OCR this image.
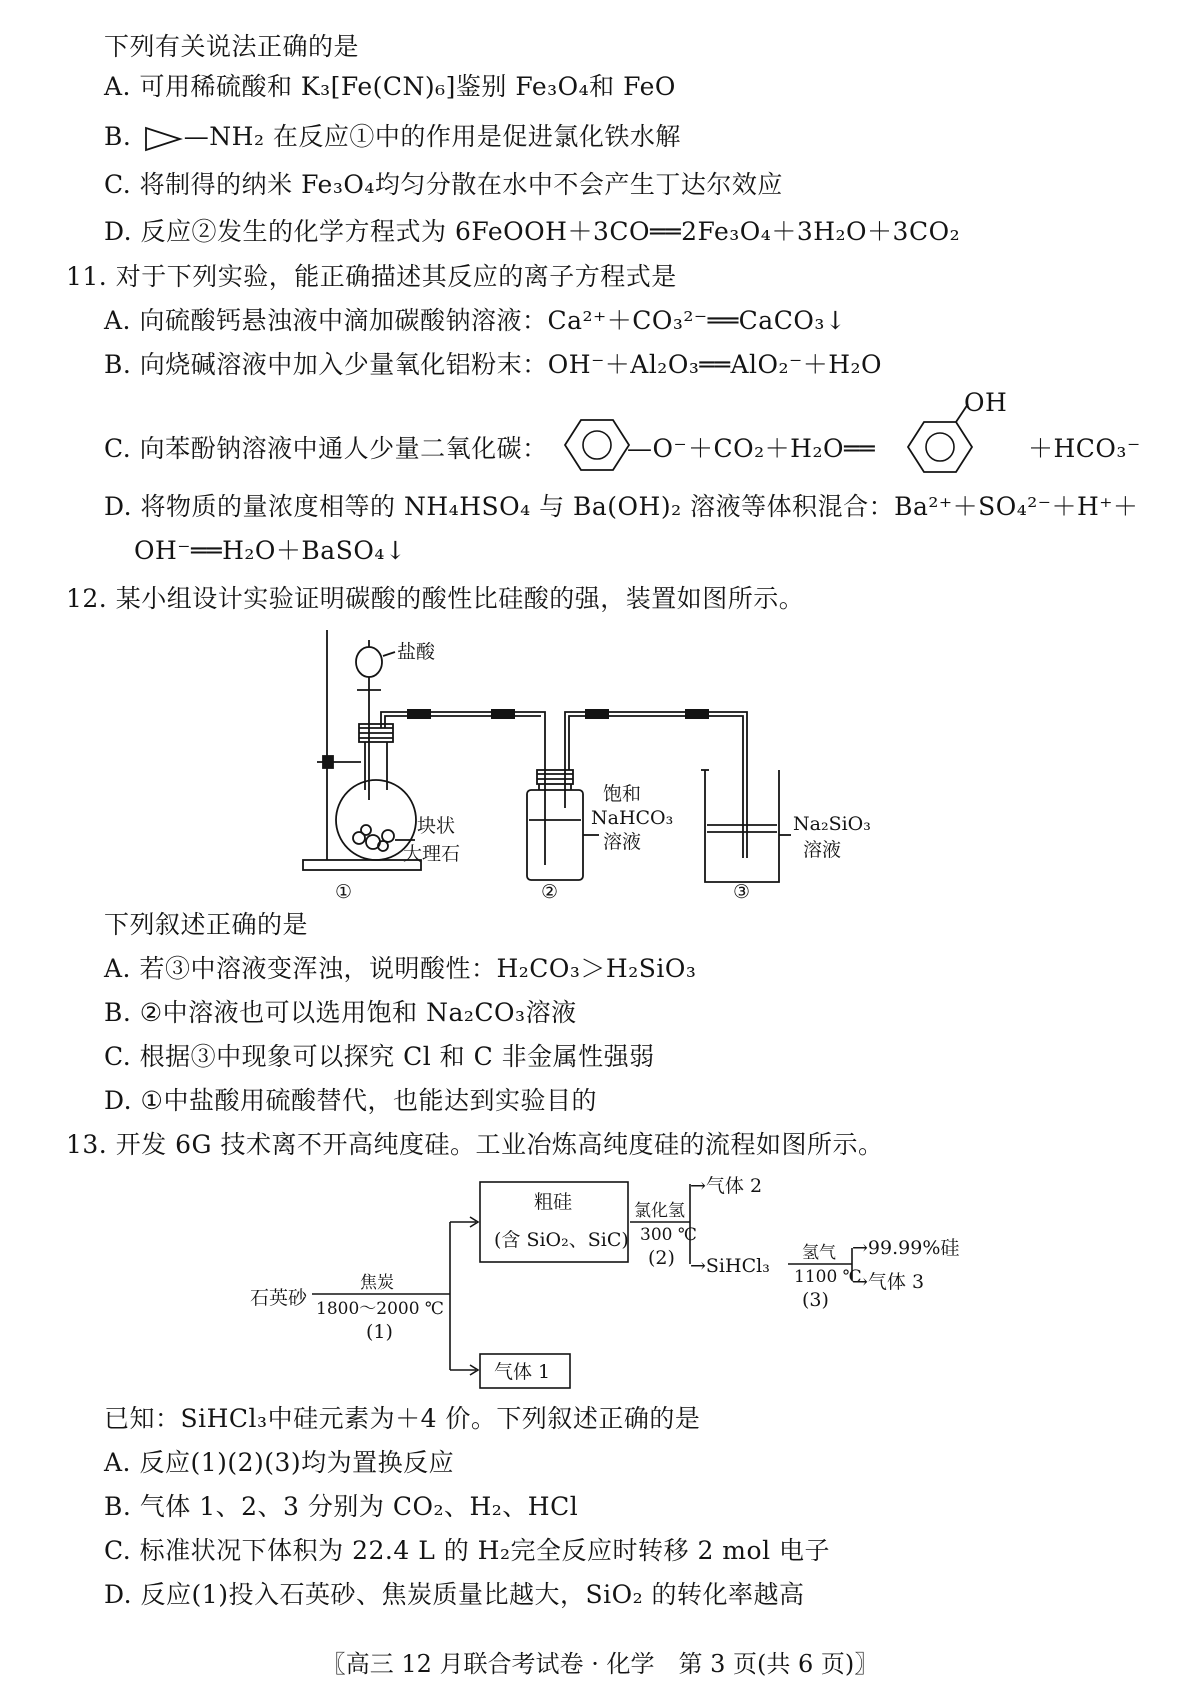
下列有关说法正确的是
A. 可用稀硫酸和 K₃[Fe(CN)₆]鉴别 Fe₃O₄和 FeO
B. —NH₂ 在反应①中的作用是促进氯化铁水解
C. 将制得的纳米 Fe₃O₄均匀分散在水中不会产生丁达尔效应
D. 反应②发生的化学方程式为 6FeOOH＋3CO══2Fe₃O₄＋3H₂O＋3CO₂
11. 对于下列实验，能正确描述其反应的离子方程式是
A. 向硫酸钙悬浊液中滴加碳酸钠溶液：Ca²⁺＋CO₃²⁻══CaCO₃↓
B. 向烧碱溶液中加入少量氧化铝粉末：OH⁻＋Al₂O₃══AlO₂⁻＋H₂O
C. 向苯酚钠溶液中通人少量二氧化碳：	—O⁻ ＋CO₂＋H₂O══
OH
＋HCO₃⁻
D. 将物质的量浓度相等的 NH₄HSO₄ 与 Ba(OH)₂ 溶液等体积混合：Ba²⁺＋SO₄²⁻＋H⁺＋
OH⁻══H₂O＋BaSO₄↓
12. 某小组设计实验证明碳酸的酸性比硅酸的强，装置如图所示。
盐酸
块状
大理石
饱和
NaHCO₃
溶液
Na₂SiO₃
溶液
①	②	③
下列叙述正确的是
A. 若③中溶液变浑浊，说明酸性：H₂CO₃＞H₂SiO₃
B. ②中溶液也可以选用饱和 Na₂CO₃溶液
C. 根据③中现象可以探究 Cl 和 C 非金属性强弱
D. ①中盐酸用硫酸替代，也能达到实验目的
13. 开发 6G 技术离不开高纯度硅。工业冶炼高纯度硅的流程如图所示。
石英砂
焦炭
1800～2000 ℃
(1)
粗硅
(含 SiO₂、SiC)
气体 1
氯化氢
300 ℃
(2)
→气体 2
→SiHCl₃
氢气
1100 ℃
(3)
→99.99%硅
→气体 3
已知：SiHCl₃中硅元素为＋4 价。下列叙述正确的是
A. 反应(1)(2)(3)均为置换反应
B. 气体 1、2、3 分别为 CO₂、H₂、HCl
C. 标准状况下体积为 22.4 L 的 H₂完全反应时转移 2 mol 电子
D. 反应(1)投入石英砂、焦炭质量比越大，SiO₂ 的转化率越高
〖高三 12 月联合考试卷 · 化学　第 3 页(共 6 页)〗
